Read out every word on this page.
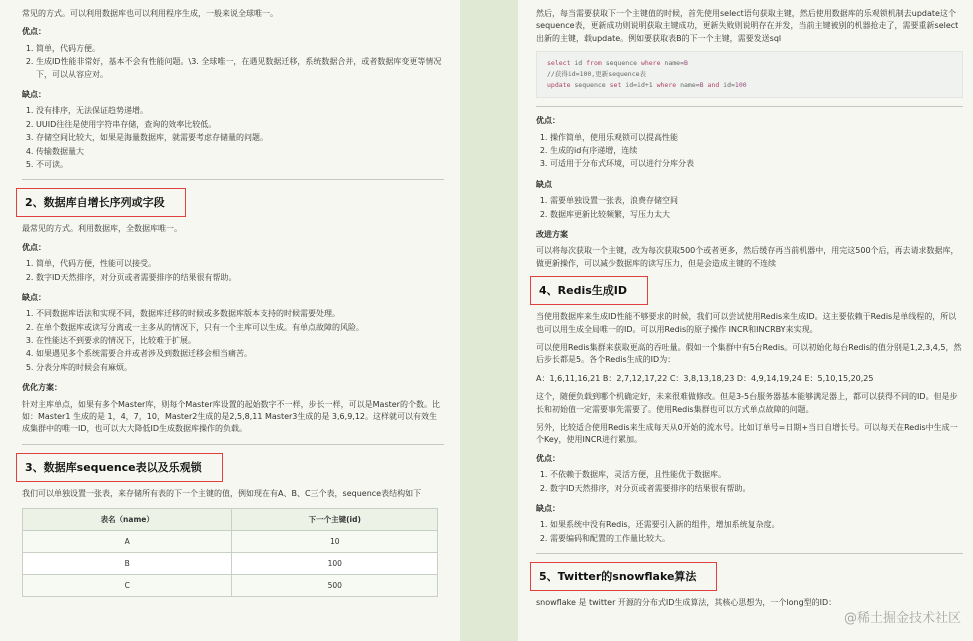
常见的方式。可以利用数据库也可以利用程序生成，一般来说全球唯一。

优点：
1. 简单，代码方便。
2. 生成ID性能非常好，基本不会有性能问题。\3. 全球唯一，在遇见数据迁移，系统数据合并，或者数据库变更等情况下，可以从容应对。
缺点：
1. 没有排序，无法保证趋势递增。
2. UUID往往是使用字符串存储，查询的效率比较低。
3. 存储空间比较大，如果是海量数据库，就需要考虑存储量的问题。
4. 传输数据量大
5. 不可读。
2、数据库自增长序列或字段

最常见的方式。利用数据库，全数据库唯一。

优点：
1. 简单，代码方便，性能可以接受。
2. 数字ID天然排序，对分页或者需要排序的结果很有帮助。
缺点：
1. 不同数据库语法和实现不同，数据库迁移的时候或多数据库版本支持的时候需要处理。
2. 在单个数据库或读写分离或一主多从的情况下，只有一个主库可以生成。有单点故障的风险。
3. 在性能达不到要求的情况下，比较难于扩展。
4. 如果遇见多个系统需要合并或者涉及到数据迁移会相当痛苦。
5. 分表分库的时候会有麻烦。
优化方案：

针对主库单点，如果有多个Master库，则每个Master库设置的起始数字不一样，步长一样，可以是Master的个数。比如：Master1 生成的是 1，4，7，10，Master2生成的是2,5,8,11 Master3生成的是 3,6,9,12。这样就可以有效生成集群中的唯一ID，也可以大大降低ID生成数据库操作的负载。

3、数据库sequence表以及乐观锁

我们可以单独设置一张表，来存储所有表的下一个主键的值，例如现在有A、B、C三个表，sequence表结构如下

表名（name）	下一个主键(id)
A	10
B	100
C	500

然后，每当需要获取下一个主键值的时候，首先使用select语句获取主键，然后使用数据库的乐观锁机制去update这个sequence表，更新成功则说明获取主键成功，更新失败则说明存在并发，当前主键被别的机器抢走了，需要重新select出新的主键，载update。例如要获取表B的下一个主键，需要发送sql

select id from sequence where name=B
//获得id=100,更新sequence表
update sequence set id=id+1 where name=B and id=100
优点：
1. 操作简单，使用乐观锁可以提高性能
2. 生成的id有序递增，连续
3. 可适用于分布式环境，可以进行分库分表
缺点
1. 需要单独设置一张表，浪费存储空间
2. 数据库更新比较频繁，写压力太大
改进方案

可以将每次获取一个主键，改为每次获取500个或者更多，然后缓存再当前机器中，用完这500个后，再去请求数据库，做更新操作，可以减少数据库的读写压力，但是会造成主键的不连续

4、Redis生成ID

当使用数据库来生成ID性能不够要求的时候，我们可以尝试使用Redis来生成ID。这主要依赖于Redis是单线程的，所以也可以用生成全局唯一的ID。可以用Redis的原子操作 INCR和INCRBY来实现。

可以使用Redis集群来获取更高的吞吐量。假如一个集群中有5台Redis。可以初始化每台Redis的值分别是1,2,3,4,5，然后步长都是5。各个Redis生成的ID为：

A：1,6,11,16,21 B：2,7,12,17,22 C：3,8,13,18,23 D：4,9,14,19,24 E：5,10,15,20,25

这个，随便负载到哪个机确定好，未来很难做修改。但是3-5台服务器基本能够满足器上，都可以获得不同的ID。但是步长和初始值一定需要事先需要了。使用Redis集群也可以方式单点故障的问题。

另外，比较适合使用Redis来生成每天从0开始的流水号。比如订单号=日期+当日自增长号。可以每天在Redis中生成一个Key，使用INCR进行累加。

优点：
1. 不依赖于数据库，灵活方便，且性能优于数据库。
2. 数字ID天然排序，对分页或者需要排序的结果很有帮助。
缺点：
1. 如果系统中没有Redis，还需要引入新的组件，增加系统复杂度。
2. 需要编码和配置的工作量比较大。
5、Twitter的snowflake算法

snowflake 是 twitter 开源的分布式ID生成算法，其核心思想为，一个long型的ID：

@稀土掘金技术社区
